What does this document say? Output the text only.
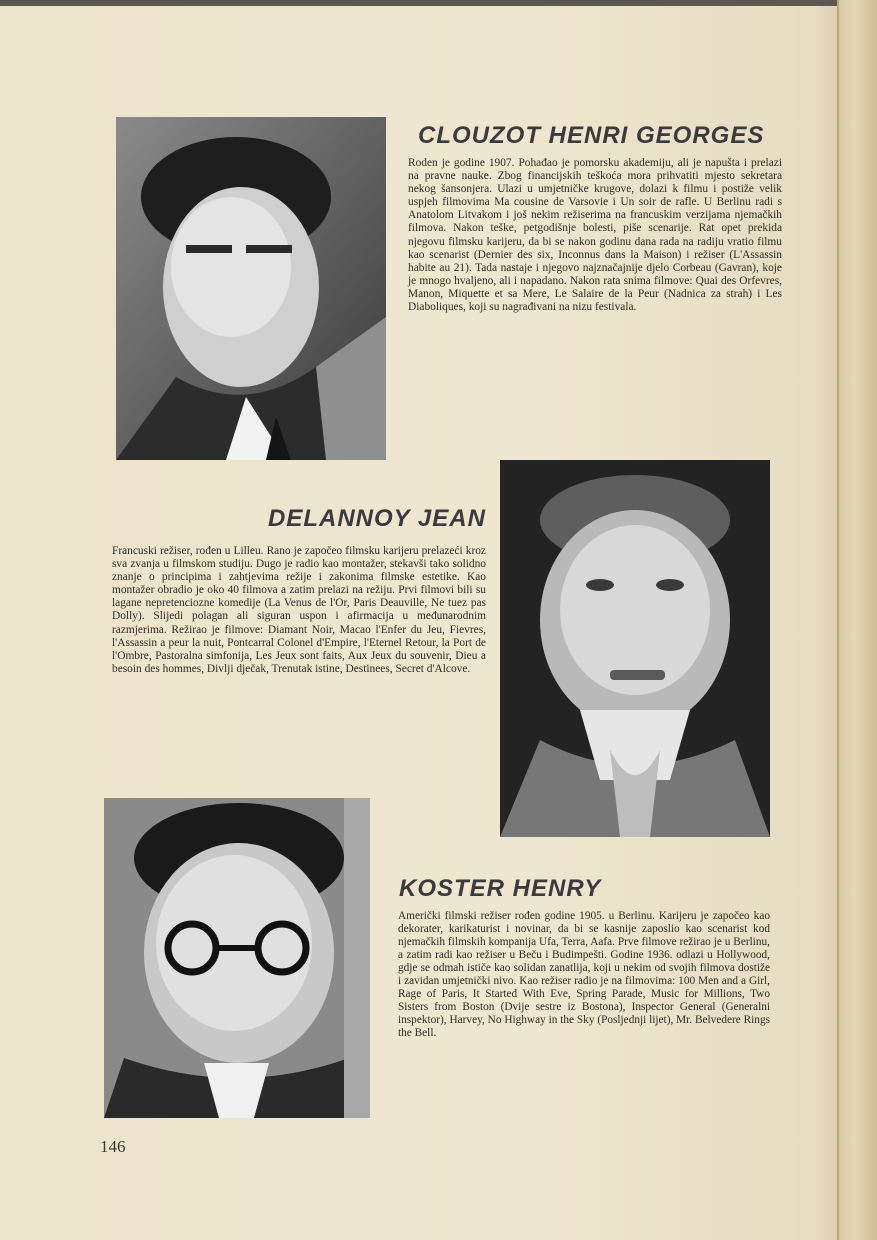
CLOUZOT HENRI GEORGES

Roden je godine 1907. Pohađao je pomorsku akademiju, ali je napušta i prelazi na pravne nauke. Zbog financijskih teškoća mora prihvatiti mjesto sekretara nekog šansonjera. Ulazi u umjetničke krugove, dolazi k filmu i postiže velik uspjeh filmovima Ma cousine de Varsovie i Un soir de rafle. U Berlinu radi s Anatolom Litvakom i još nekim režiserima na francuskim verzijama njemačkih filmova. Nakon teške, petgodišnje bolesti, piše scenarije. Rat opet prekida njegovu filmsku karijeru, da bi se nakon godinu dana rada na radiju vratio filmu kao scenarist (Dernier des six, Inconnus dans la Maison) i režiser (L'Assassin habite au 21). Tada nastaje i njegovo najznačajnije djelo Corbeau (Gavran), koje je mnogo hvaljeno, ali i napadano. Nakon rata snima filmove: Quai des Orfevres, Manon, Miquette et sa Mere, Le Salaire de la Peur (Nadnica za strah) i Les Diaboliques, koji su nagrađivani na nizu festivala.

DELANNOY JEAN

Francuski režiser, rođen u Lilleu. Rano je započeo filmsku karijeru prelazeći kroz sva zvanja u filmskom studiju. Dugo je radio kao montažer, stekavši tako solidno znanje o principima i zahtjevima režije i zakonima filmske estetike. Kao montažer obradio je oko 40 filmova a zatim prelazi na režiju. Prvi filmovi bili su lagane nepretenciozne komedije (La Venus de l'Or, Paris Deauville, Ne tuez pas Dolly). Slijedi polagan ali siguran uspon i afirmacija u međunarodnim razmjerima. Režirao je filmove: Diamant Noir, Macao l'Enfer du Jeu, Fievres, l'Assassin a peur la nuit, Pontcarral Colonel d'Empire, l'Eternel Retour, la Port de l'Ombre, Pastoralna simfonija, Les Jeux sont faits, Aux Jeux du souvenir, Dieu a besoin des hommes, Divlji dječak, Trenutak istine, Destinees, Secret d'Alcove.

KOSTER HENRY

Američki filmski režiser rođen godine 1905. u Berlinu. Karijeru je započeo kao dekorater, karikaturist i novinar, da bi se kasnije zaposlio kao scenarist kod njemačkih filmskih kompanija Ufa, Terra, Aafa. Prve filmove režirao je u Berlinu, a zatim radi kao režiser u Beču i Budimpešti. Godine 1936. odlazi u Hollywood, gdje se odmah ističe kao solidan zanatlija, koji u nekim od svojih filmova dostiže i zavidan umjetnički nivo. Kao režiser radio je na filmovima: 100 Men and a Girl, Rage of Paris, It Started With Eve, Spring Parade, Music for Millions, Two Sisters from Boston (Dvije sestre iz Bostona), Inspector General (Generalni inspektor), Harvey, No Highway in the Sky (Posljednji lijet), Mr. Belvedere Rings the Bell.

146
